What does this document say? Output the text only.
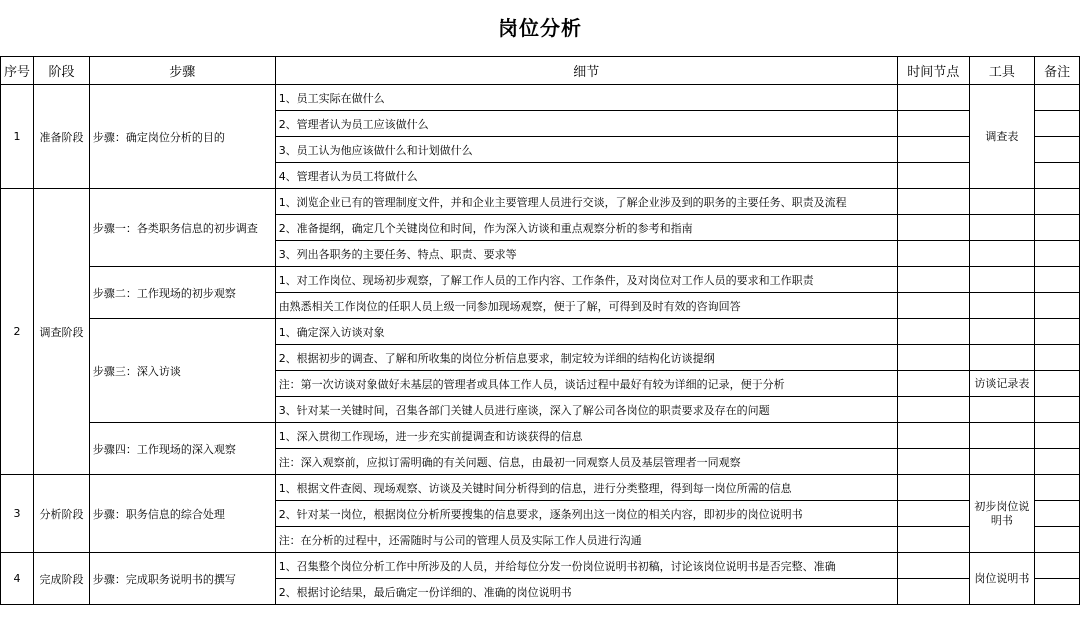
岗位分析
序号	阶段	步骤	细节	时间节点	工具	备注
1	准备阶段	步骤：确定岗位分析的目的	1、员工实际在做什么		调查表	
			2、管理者认为员工应该做什么			
			3、员工认为他应该做什么和计划做什么			
			4、管理者认为员工将做什么			
2	调查阶段	步骤一：各类职务信息的初步调查	1、浏览企业已有的管理制度文件，并和企业主要管理人员进行交谈，了解企业涉及到的职务的主要任务、职责及流程			
			2、准备提纲，确定几个关键岗位和时间，作为深入访谈和重点观察分析的参考和指南			
			3、列出各职务的主要任务、特点、职责、要求等			
		步骤二：工作现场的初步观察	1、对工作岗位、现场初步观察，了解工作人员的工作内容、工作条件，及对岗位对工作人员的要求和工作职责			
			由熟悉相关工作岗位的任职人员上级一同参加现场观察，便于了解，可得到及时有效的咨询回答			
		步骤三：深入访谈	1、确定深入访谈对象			
			2、根据初步的调查、了解和所收集的岗位分析信息要求，制定较为详细的结构化访谈提纲			
			注：第一次访谈对象做好未基层的管理者或具体工作人员，谈话过程中最好有较为详细的记录，便于分析		访谈记录表	
			3、针对某一关键时间，召集各部门关键人员进行座谈，深入了解公司各岗位的职责要求及存在的问题			
		步骤四：工作现场的深入观察	1、深入贯彻工作现场，进一步充实前提调查和访谈获得的信息			
			注：深入观察前，应拟订需明确的有关问题、信息，由最初一同观察人员及基层管理者一同观察			
3	分析阶段	步骤：职务信息的综合处理	1、根据文件查阅、现场观察、访谈及关键时间分析得到的信息，进行分类整理，得到每一岗位所需的信息		初步岗位说明书	
			2、针对某一岗位，根据岗位分析所要搜集的信息要求，逐条列出这一岗位的相关内容，即初步的岗位说明书			
			注：在分析的过程中，还需随时与公司的管理人员及实际工作人员进行沟通			
4	完成阶段	步骤：完成职务说明书的撰写	1、召集整个岗位分析工作中所涉及的人员，并给每位分发一份岗位说明书初稿，讨论该岗位说明书是否完整、准确		岗位说明书	
			2、根据讨论结果，最后确定一份详细的、准确的岗位说明书			
